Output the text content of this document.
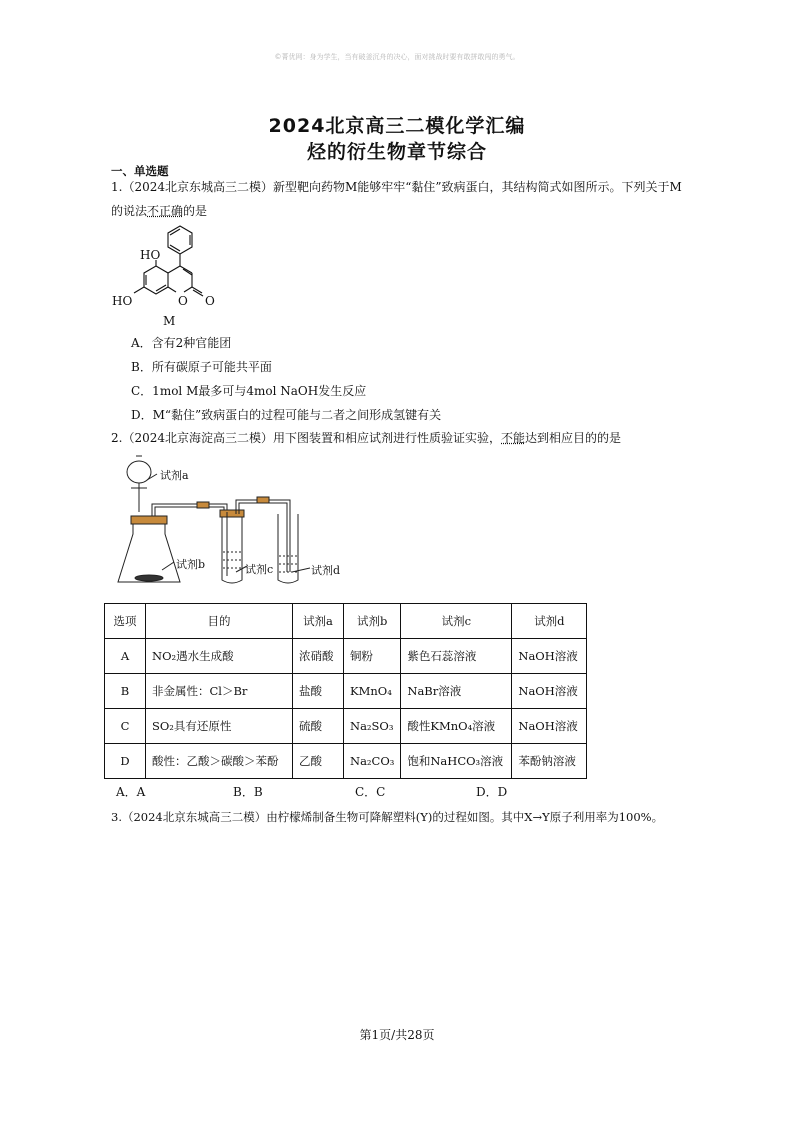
©菁优网：身为学生，当有破釜沉舟的决心，面对挑战时要有敢拼敢闯的勇气。
2024北京高三二模化学汇编
烃的衍生物章节综合
一、单选题
1.（2024北京东城高三二模）新型靶向药物M能够牢牢“黏住”致病蛋白，其结构简式如图所示。下列关于M
的说法不正确的是
HO
HO	O O
M
A．含有2种官能团
B．所有碳原子可能共平面
C．1mol M最多可与4mol NaOH发生反应
D．M“黏住”致病蛋白的过程可能与二者之间形成氢键有关
2.（2024北京海淀高三二模）用下图装置和相应试剂进行性质验证实验，不能达到相应目的的是
试剂a
试剂b	试剂c	试剂d
选项	目的	试剂a	试剂b	试剂c	试剂d
A	NO₂遇水生成酸	浓硝酸	铜粉	紫色石蕊溶液	NaOH溶液
B	非金属性：Cl＞Br	盐酸	KMnO₄	NaBr溶液	NaOH溶液
C	SO₂具有还原性	硫酸	Na₂SO₃	酸性KMnO₄溶液	NaOH溶液
D	酸性：乙酸＞碳酸＞苯酚	乙酸	Na₂CO₃	饱和NaHCO₃溶液	苯酚钠溶液
A．A	B．B	C．C	D．D
3.（2024北京东城高三二模）由柠檬烯制备生物可降解塑料(Y)的过程如图。其中X→Y原子利用率为100%。
第1页/共28页
